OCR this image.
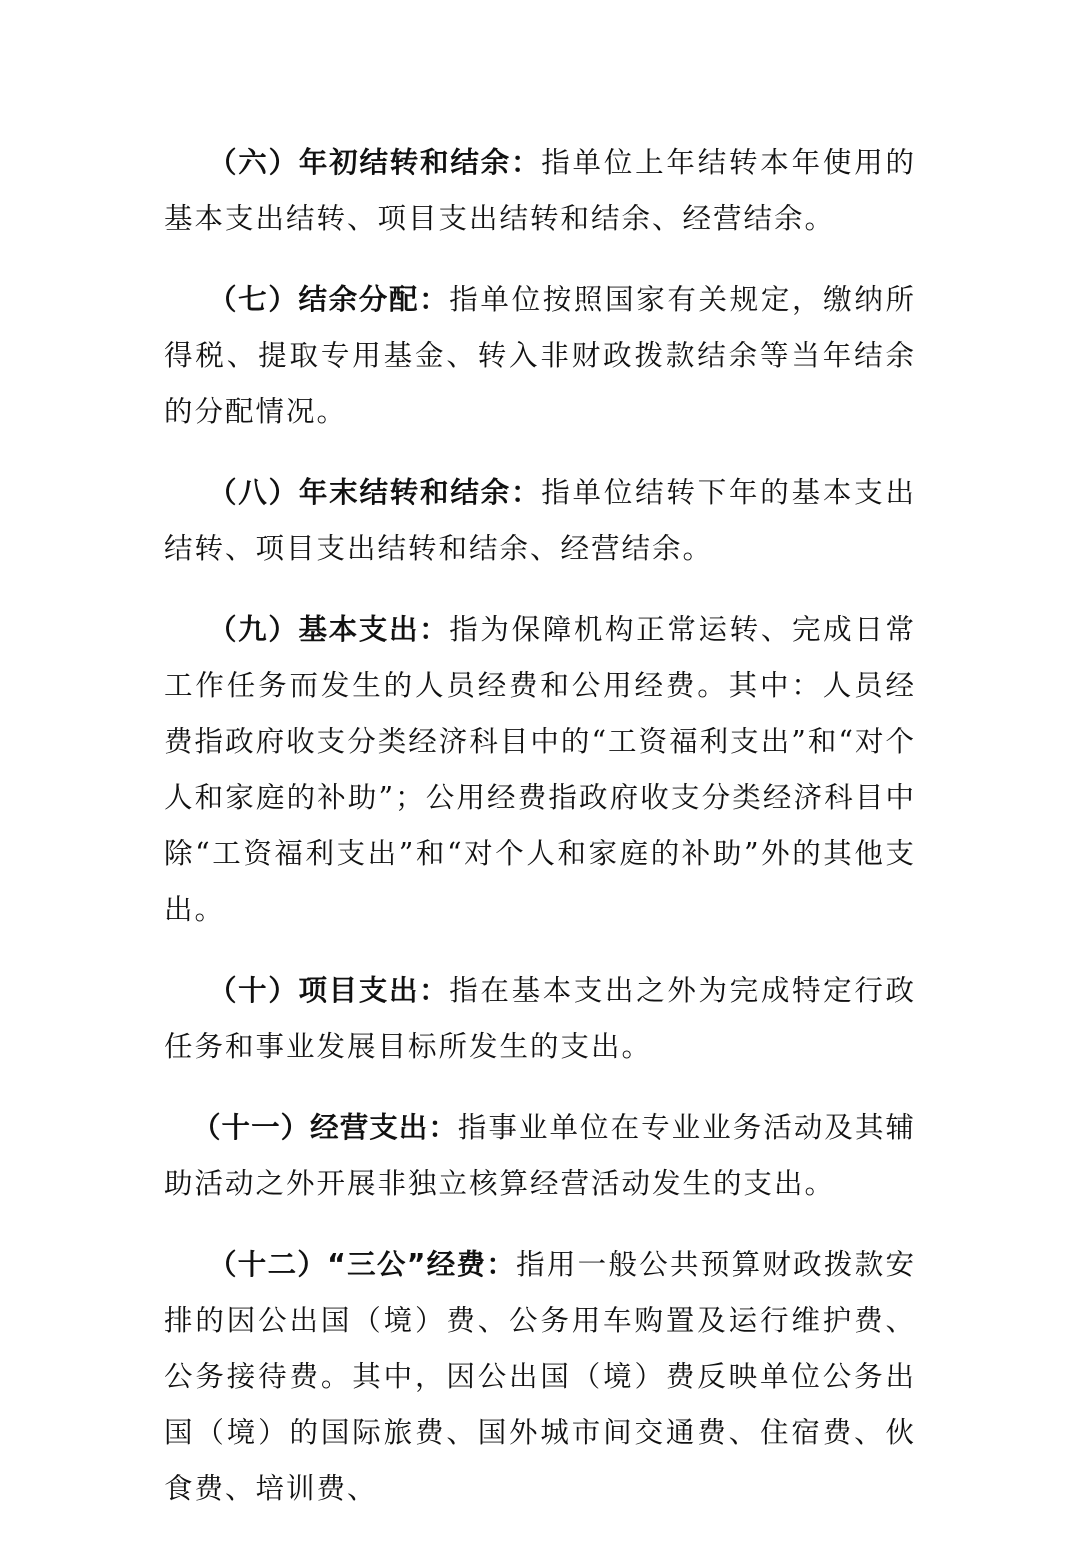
（六）年初结转和结余：指单位上年结转本年使用的基本支出结转、项目支出结转和结余、经营结余。

（七）结余分配：指单位按照国家有关规定，缴纳所得税、提取专用基金、转入非财政拨款结余等当年结余的分配情况。

（八）年末结转和结余：指单位结转下年的基本支出结转、项目支出结转和结余、经营结余。

（九）基本支出：指为保障机构正常运转、完成日常工作任务而发生的人员经费和公用经费。其中：人员经费指政府收支分类经济科目中的“工资福利支出”和“对个人和家庭的补助”；公用经费指政府收支分类经济科目中除“工资福利支出”和“对个人和家庭的补助”外的其他支出。

（十）项目支出：指在基本支出之外为完成特定行政任务和事业发展目标所发生的支出。

（十一）经营支出：指事业单位在专业业务活动及其辅助活动之外开展非独立核算经营活动发生的支出。

（十二）“三公”经费：指用一般公共预算财政拨款安排的因公出国（境）费、公务用车购置及运行维护费、公务接待费。其中，因公出国（境）费反映单位公务出国（境）的国际旅费、国外城市间交通费、住宿费、伙食费、培训费、
